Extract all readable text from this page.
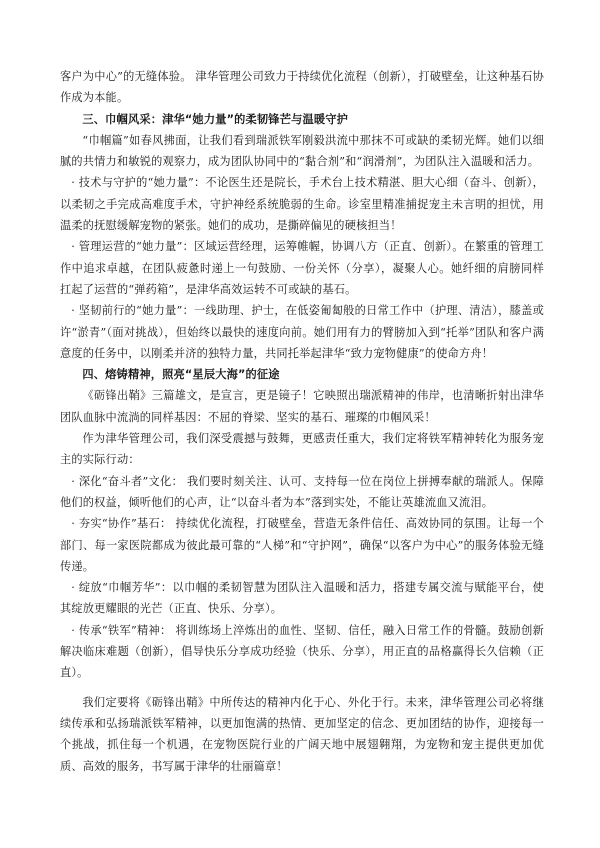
客户为中心”的无缝体验。 津华管理公司致力于持续优化流程（创新），打破壁垒，让这种基石协作成为本能。

三、巾帼风采：津华“她力量”的柔韧锋芒与温暖守护

“巾帼篇”如春风拂面，让我们看到瑞派铁军刚毅洪流中那抹不可或缺的柔韧光辉。她们以细腻的共情力和敏锐的观察力，成为团队协同中的“黏合剂”和“润滑剂”，为团队注入温暖和活力。

· 技术与守护的“她力量”：不论医生还是院长，手术台上技术精湛、胆大心细（奋斗、创新），以柔韧之手完成高难度手术，守护神经系统脆弱的生命。诊室里精准捕捉宠主未言明的担忧，用温柔的抚慰缓解宠物的紧张。她们的成功，是撕碎偏见的硬核担当！

· 管理运营的“她力量”：区域运营经理，运筹帷幄，协调八方（正直、创新）。在繁重的管理工作中追求卓越，在团队疲惫时递上一句鼓励、一份关怀（分享），凝聚人心。她纤细的肩膀同样扛起了运营的“弹药箱”，是津华高效运转不可或缺的基石。

· 坚韧前行的“她力量”：一线助理、护士，在低姿匍匐般的日常工作中（护理、清洁），膝盖或许“淤青”（面对挑战），但始终以最快的速度向前。她们用有力的臂膀加入到“托举”团队和客户满意度的任务中，以刚柔并济的独特力量，共同托举起津华“致力宠物健康”的使命方舟！

四、熔铸精神，照亮“星辰大海”的征途

《砺锋出鞘》三篇雄文，是宣言，更是镜子！它映照出瑞派精神的伟岸，也清晰折射出津华团队血脉中流淌的同样基因：不屈的脊梁、坚实的基石、璀璨的巾帼风采！

作为津华管理公司，我们深受震撼与鼓舞，更感责任重大，我们定将铁军精神转化为服务宠主的实际行动：

· 深化“奋斗者”文化： 我们要时刻关注、认可、支持每一位在岗位上拼搏奉献的瑞派人。保障他们的权益，倾听他们的心声，让“以奋斗者为本”落到实处，不能让英雄流血又流泪。

· 夯实“协作”基石： 持续优化流程，打破壁垒，营造无条件信任、高效协同的氛围。让每一个部门、每一家医院都成为彼此最可靠的“人梯”和“守护网”，确保“以客户为中心”的服务体验无缝传递。

· 绽放“巾帼芳华”：以巾帼的柔韧智慧为团队注入温暖和活力，搭建专属交流与赋能平台，使其绽放更耀眼的光芒（正直、快乐、分享）。

· 传承“铁军”精神： 将训练场上淬炼出的血性、坚韧、信任，融入日常工作的骨髓。鼓励创新解决临床难题（创新），倡导快乐分享成功经验（快乐、分享），用正直的品格赢得长久信赖（正直）。

我们定要将《砺锋出鞘》中所传达的精神内化于心、外化于行。未来，津华管理公司必将继续传承和弘扬瑞派铁军精神，以更加饱满的热情、更加坚定的信念、更加团结的协作，迎接每一个挑战，抓住每一个机遇，在宠物医院行业的广阔天地中展翅翱翔，为宠物和宠主提供更加优质、高效的服务，书写属于津华的壮丽篇章！
